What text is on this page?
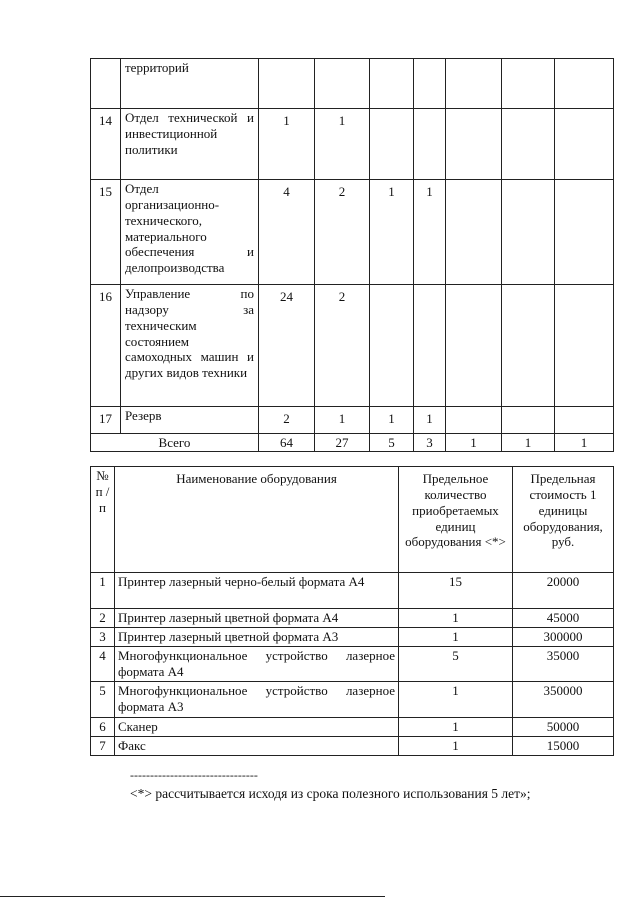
	территорий							
14	Отдел технической и инвестиционной политики	1	1					
15	Отдел организационно-технического, материального обеспечения и делопроизводства	4	2	1	1			
16	Управление по надзору за техническим состоянием самоходных машин и других видов техники	24	2					
17	Резерв	2	1	1	1			
Всего		64	27	5	3	1	1	1
№ п / п	Наименование оборудования	Предельное количество приобретаемых единиц оборудования <*>	Предельная стоимость 1 единицы оборудования, руб.
1	Принтер лазерный черно-белый формата А4	15	20000
2	Принтер лазерный цветной формата А4	1	45000
3	Принтер лазерный цветной формата А3	1	300000
4	Многофункциональное устройство лазерное формата А4	5	35000
5	Многофункциональное устройство лазерное формата А3	1	350000
6	Сканер	1	50000
7	Факс	1	15000
--------------------------------
<*> рассчитывается исходя из срока полезного использования 5 лет»;
